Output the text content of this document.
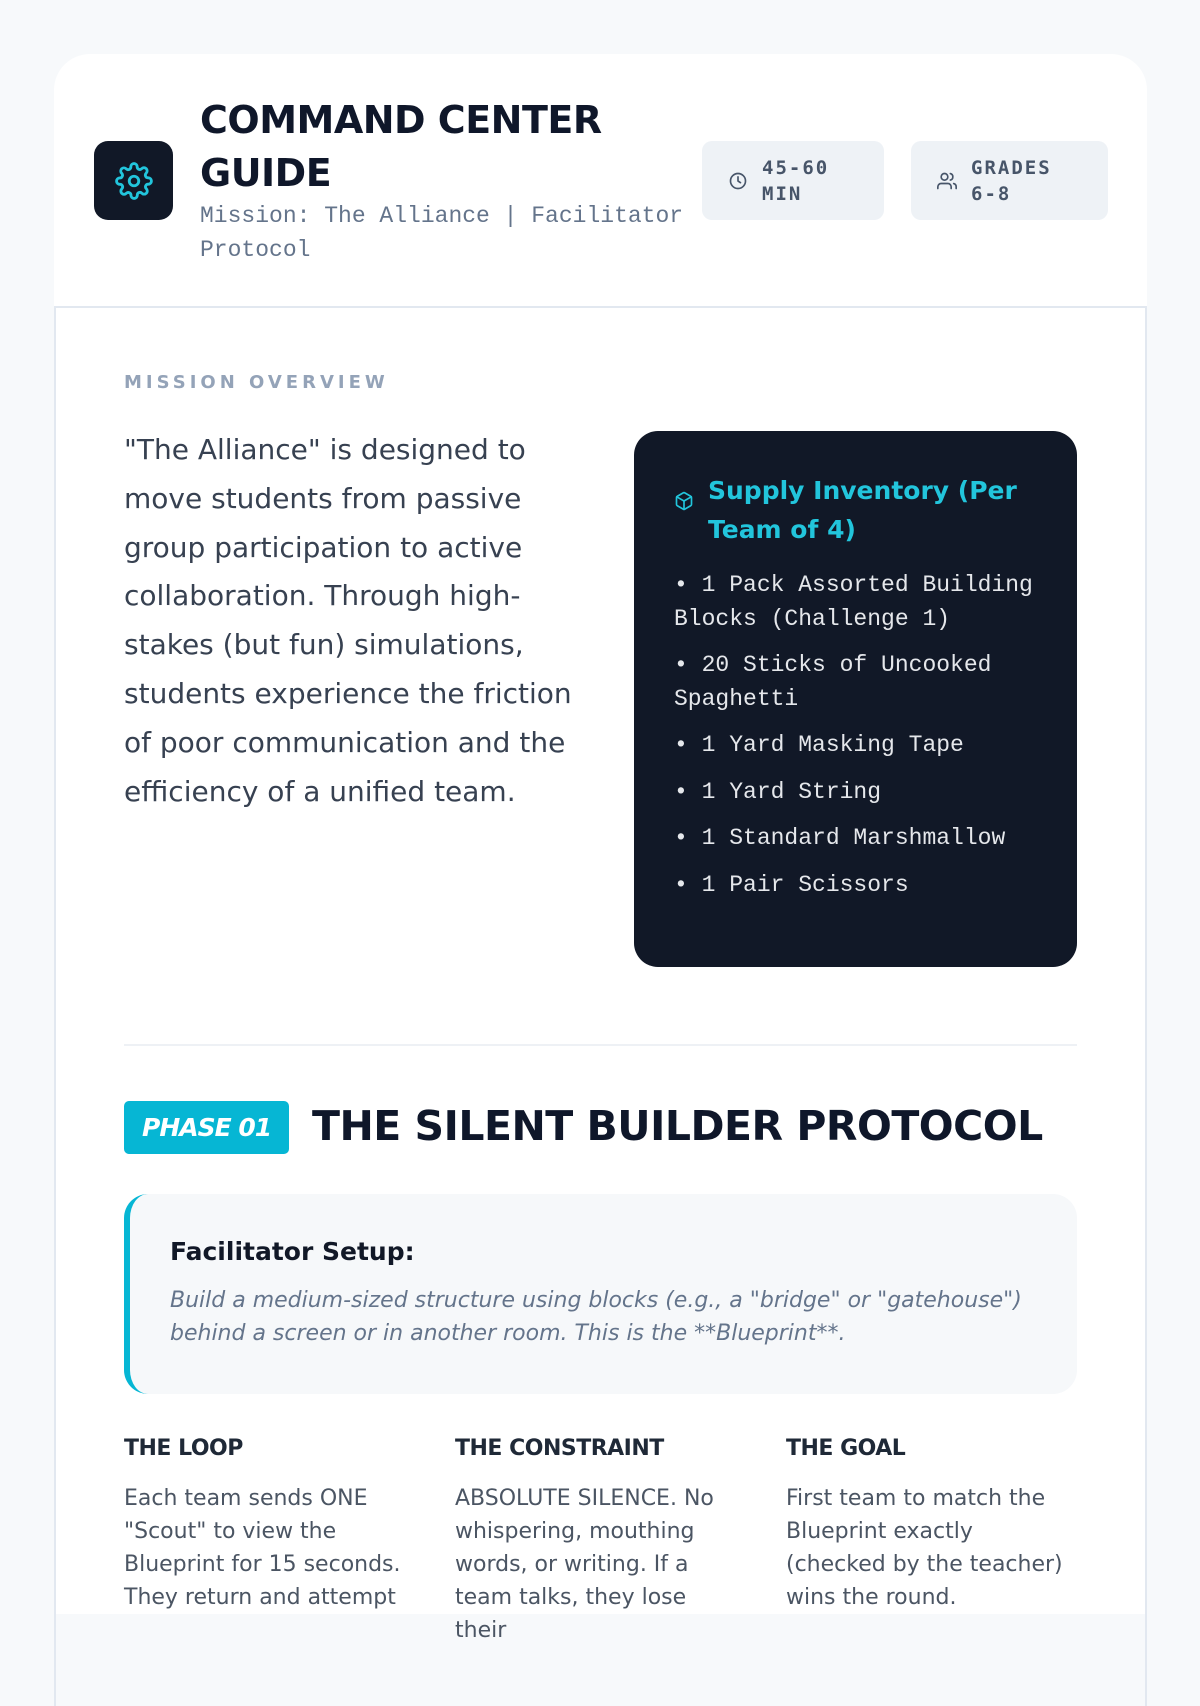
COMMAND CENTER GUIDE

Mission: The Alliance | Facilitator Protocol

45-60 MIN
GRADES 6-8
MISSION OVERVIEW

"The Alliance" is designed to move students from passive group participation to active collaboration. Through high-stakes (but fun) simulations, students experience the friction of poor communication and the efficiency of a unified team.

Supply Inventory (Per Team of 4)
• 1 Pack Assorted Building Blocks (Challenge 1)
• 20 Sticks of Uncooked Spaghetti
• 1 Yard Masking Tape
• 1 Yard String
• 1 Standard Marshmallow
• 1 Pair Scissors
PHASE 01 THE SILENT BUILDER PROTOCOL
Facilitator Setup:

Build a medium-sized structure using blocks (e.g., a "bridge" or "gatehouse") behind a screen or in another room. This is the **Blueprint**.

THE LOOP

Each team sends ONE "Scout" to view the Blueprint for 15 seconds. They return and attempt

THE CONSTRAINT

ABSOLUTE SILENCE. No whispering, mouthing words, or writing. If a team talks, they lose their

THE GOAL

First team to match the Blueprint exactly (checked by the teacher) wins the round.
